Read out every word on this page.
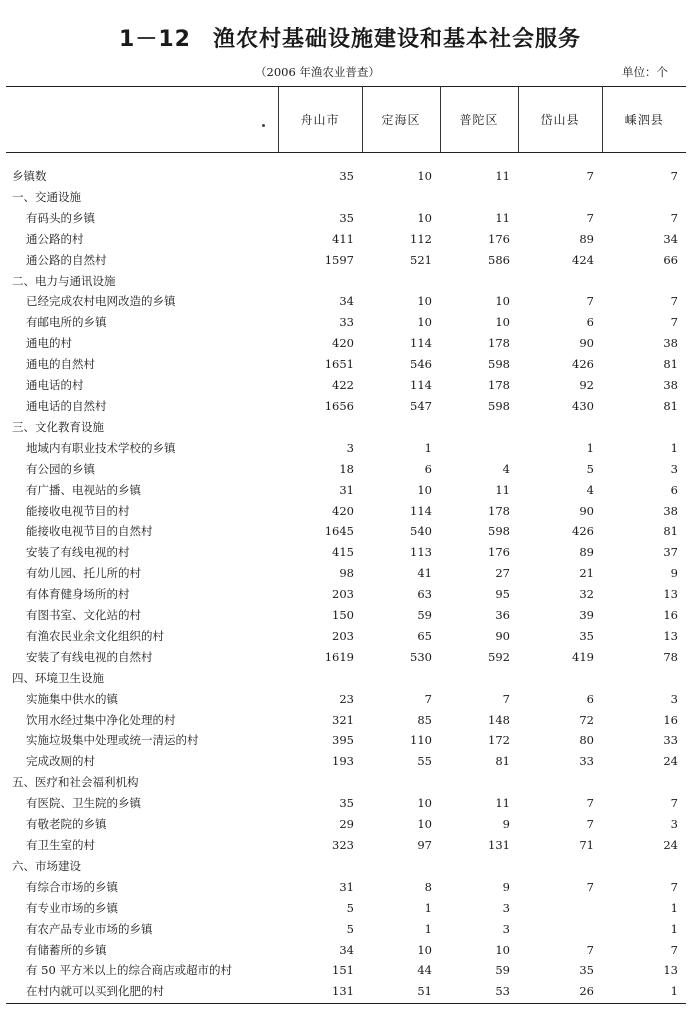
1－12 渔农村基础设施建设和基本社会服务
（2006 年渔农业普查）	单位：个
	舟山市	定海区	普陀区	岱山县	嵊泗县

乡镇数	35	10	11	7	7
一、交通设施					
有码头的乡镇	35	10	11	7	7
通公路的村	411	112	176	89	34
通公路的自然村	1597	521	586	424	66
二、电力与通讯设施					
已经完成农村电网改造的乡镇	34	10	10	7	7
有邮电所的乡镇	33	10	10	6	7
通电的村	420	114	178	90	38
通电的自然村	1651	546	598	426	81
通电话的村	422	114	178	92	38
通电话的自然村	1656	547	598	430	81
三、文化教育设施					
地域内有职业技术学校的乡镇	3	1		1	1
有公园的乡镇	18	6	4	5	3
有广播、电视站的乡镇	31	10	11	4	6
能接收电视节目的村	420	114	178	90	38
能接收电视节目的自然村	1645	540	598	426	81
安装了有线电视的村	415	113	176	89	37
有幼儿园、托儿所的村	98	41	27	21	9
有体育健身场所的村	203	63	95	32	13
有图书室、文化站的村	150	59	36	39	16
有渔农民业余文化组织的村	203	65	90	35	13
安装了有线电视的自然村	1619	530	592	419	78
四、环境卫生设施					
实施集中供水的镇	23	7	7	6	3
饮用水经过集中净化处理的村	321	85	148	72	16
实施垃圾集中处理或统一清运的村	395	110	172	80	33
完成改厕的村	193	55	81	33	24
五、医疗和社会福利机构					
有医院、卫生院的乡镇	35	10	11	7	7
有敬老院的乡镇	29	10	9	7	3
有卫生室的村	323	97	131	71	24
六、市场建设					
有综合市场的乡镇	31	8	9	7	7
有专业市场的乡镇	5	1	3		1
有农产品专业市场的乡镇	5	1	3		1
有储蓄所的乡镇	34	10	10	7	7
有 50 平方米以上的综合商店或超市的村	151	44	59	35	13
在村内就可以买到化肥的村	131	51	53	26	1
